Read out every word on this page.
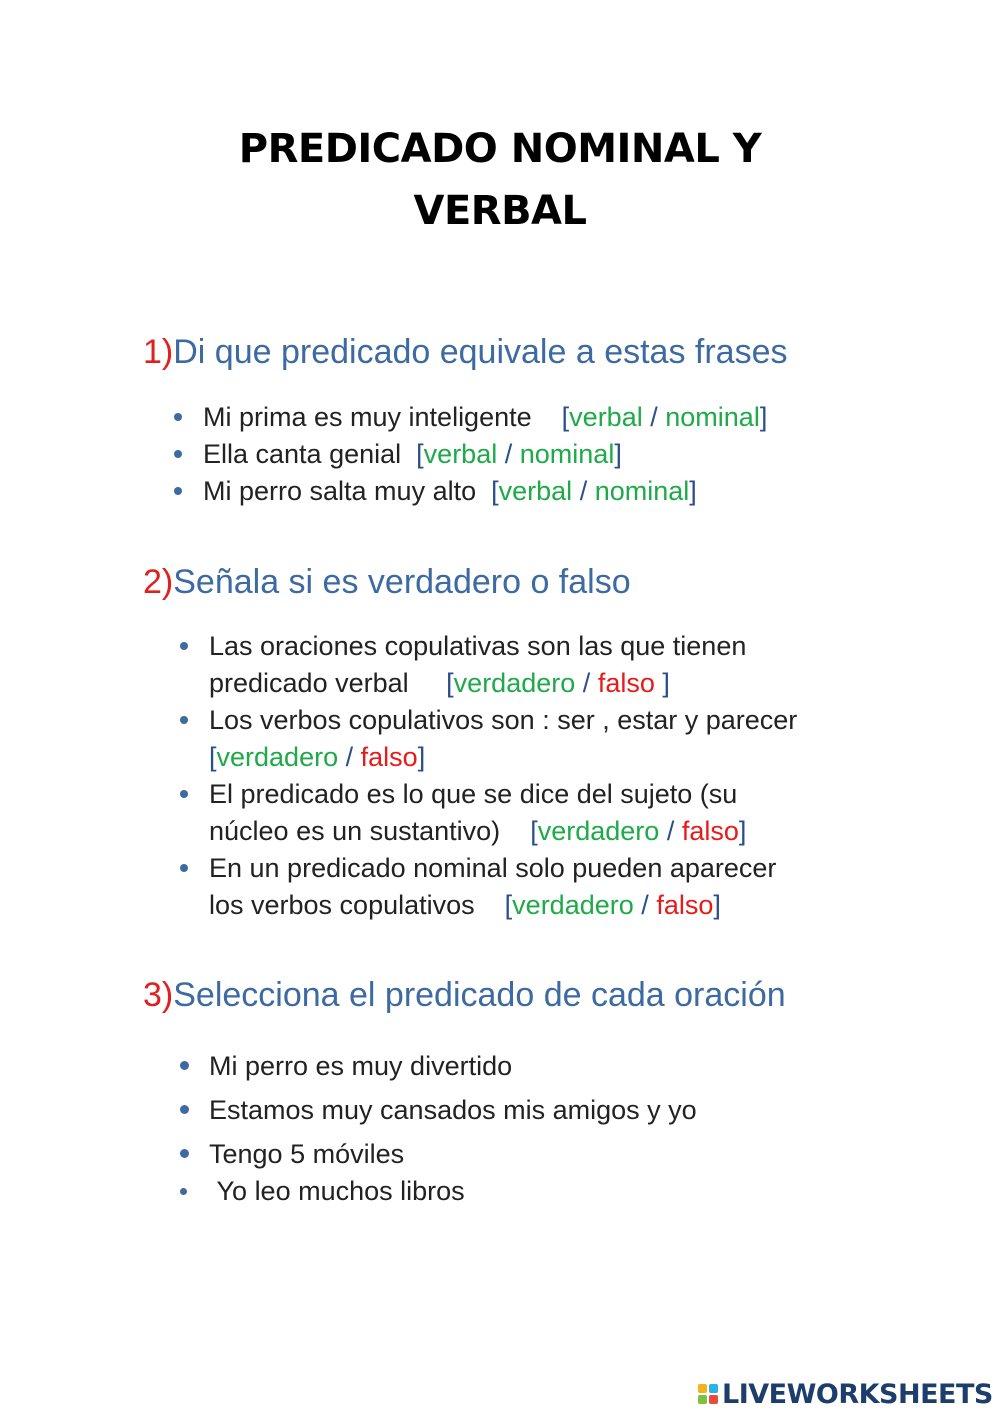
PREDICADO NOMINAL Y
VERBAL
1)Di que predicado equivale a estas frases
Mi prima es muy inteligente [verbal / nominal]
Ella canta genial [verbal / nominal]
Mi perro salta muy alto [verbal / nominal]
2)Señala si es verdadero o falso
Las oraciones copulativas son las que tienen
predicado verbal [verdadero / falso ]
Los verbos copulativos son : ser , estar y parecer
[verdadero / falso]
El predicado es lo que se dice del sujeto (su
núcleo es un sustantivo) [verdadero / falso]
En un predicado nominal solo pueden aparecer
los verbos copulativos [verdadero / falso]
3)Selecciona el predicado de cada oración
Mi perro es muy divertido
Estamos muy cansados mis amigos y yo
Tengo 5 móviles
Yo leo muchos libros
LIVEWORKSHEETS
